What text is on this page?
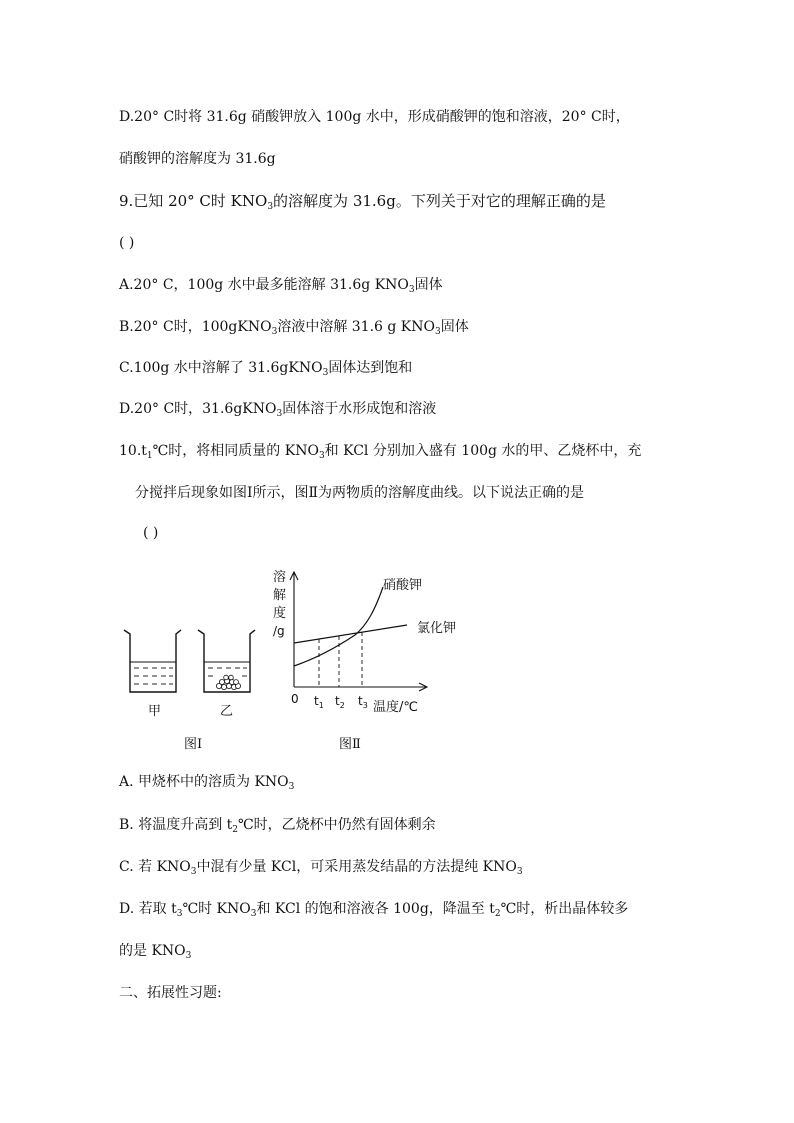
D.20° C时将 31.6g 硝酸钾放入 100g 水中，形成硝酸钾的饱和溶液，20° C时，
硝酸钾的溶解度为 31.6g
9.已知 20° C时 $KNO_3$的溶解度为 31.6g。下列关于对它的理解正确的是
( )
A.20° C，100g 水中最多能溶解 31.6g $KNO_3$固体
B.20° C时，100gKNO$_3$溶液中溶解 31.6 g $KNO_3$固体
C.100g 水中溶解了 31.6gKNO$_3$固体达到饱和
D.20° C时，31.6gKNO$_3$固体溶于水形成饱和溶液
$10.t_1℃$时，将相同质量的 $KNO_3$和 KCl 分别加入盛有 100g 水的甲、乙烧杯中，充
分搅拌后现象如图Ⅰ所示，图Ⅱ为两物质的溶解度曲线。以下说法正确的是
( )
甲	乙
图Ⅰ
溶
解
度
/g
硝酸钾
氯化钾
0 $t_1$ $t_2$ $t_3$ 温度/℃
图Ⅱ
A. 甲烧杯中的溶质为 $KNO_3$
B. 将温度升高到 $t_2℃$时，乙烧杯中仍然有固体剩余
C. 若 $KNO_3$中混有少量 KCl，可采用蒸发结晶的方法提纯 $KNO_3$
D. 若取 $t_3℃$时 $KNO_3$和 KCl 的饱和溶液各 100g，降温至 $t_2℃$时，析出晶体较多
的是 $KNO_3$
二、拓展性习题:
